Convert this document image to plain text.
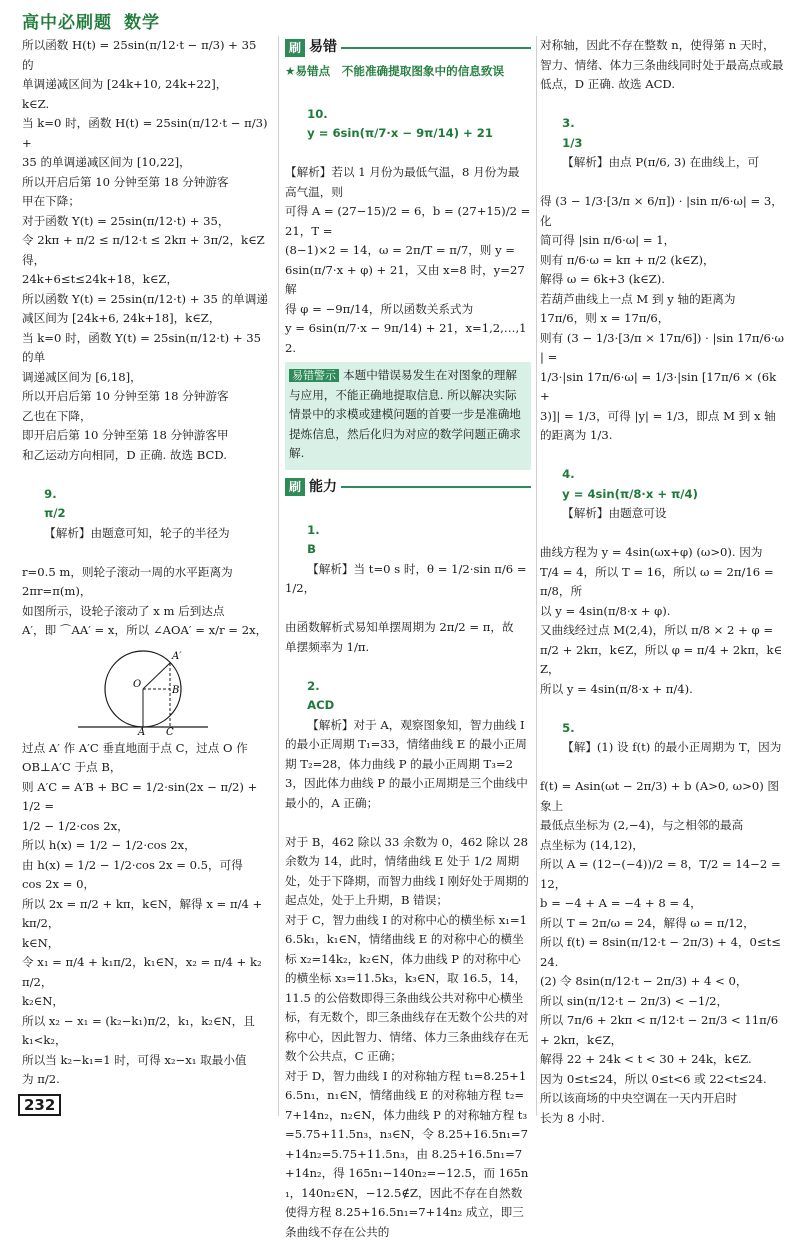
高中必刷题 数学
所以函数 H(t) = 25sin(π/12·t − π/3) + 35 的
单调递减区间为 [24k+10, 24k+22]，
k∈Z.
当 k=0 时，函数 H(t) = 25sin(π/12·t − π/3) +
35 的单调递减区间为 [10,22]，
所以开启后第 10 分钟至第 18 分钟游客
甲在下降；
对于函数 Y(t) = 25sin(π/12·t) + 35，
令 2kπ + π/2 ≤ π/12·t ≤ 2kπ + 3π/2，k∈Z 得，
24k+6≤t≤24k+18，k∈Z，
所以函数 Y(t) = 25sin(π/12·t) + 35 的单调递
减区间为 [24k+6, 24k+18]，k∈Z，
当 k=0 时，函数 Y(t) = 25sin(π/12·t) + 35 的单
调递减区间为 [6,18]，
所以开启后第 10 分钟至第 18 分钟游客
乙也在下降，
即开启后第 10 分钟至第 18 分钟游客甲
和乙运动方向相同，D 正确. 故选 BCD.

9.
π/2
【解析】由题意可知，轮子的半径为

r=0.5 m，则轮子滚动一周的水平距离为
2πr=π(m)，
如图所示，设轮子滚动了 x m 后到达点
A′，即 ⌒AA′ = x，所以 ∠AOA′ = x/r = 2x，
A′
O
B
A C
过点 A′ 作 A′C 垂直地面于点 C，过点 O 作
OB⊥A′C 于点 B，
则 A′C = A′B + BC = 1/2·sin(2x − π/2) + 1/2 =
1/2 − 1/2·cos 2x，
所以 h(x) = 1/2 − 1/2·cos 2x，
由 h(x) = 1/2 − 1/2·cos 2x = 0.5，可得
cos 2x = 0，
所以 2x = π/2 + kπ，k∈N，解得 x = π/4 + kπ/2，
k∈N，
令 x₁ = π/4 + k₁π/2，k₁∈N，x₂ = π/4 + k₂π/2，
k₂∈N，
所以 x₂ − x₁ = (k₂−k₁)π/2，k₁，k₂∈N，且
k₁<k₂，
所以当 k₂−k₁=1 时，可得 x₂−x₁ 取最小值
为 π/2.
刷 易错
★易错点　不能准确提取图象中的信息致误

10.
y = 6sin(π/7·x − 9π/14) + 21

【解析】若以 1 月份为最低气温，8 月份为最高气温，则
可得 A = (27−15)/2 = 6，b = (27+15)/2 = 21，T =
(8−1)×2 = 14，ω = 2π/T = π/7，则 y =
6sin(π/7·x + φ) + 21，又由 x=8 时，y=27 解
得 φ = −9π/14，所以函数关系式为
y = 6sin(π/7·x − 9π/14) + 21，x=1,2,…,12.
易错警示 本题中错误易发生在对图象的理解与应用，不能正确地提取信息. 所以解决实际情景中的求模或建模问题的首要一步是准确地提炼信息，然后化归为对应的数学问题正确求解.
刷 能力

1.
B
【解析】当 t=0 s 时，θ = 1/2·sin π/6 = 1/2，

由函数解析式易知单摆周期为 2π/2 = π，故
单摆频率为 1/π.

2.
ACD
【解析】对于 A，观察图象知，智力曲线 I 的最小正周期 T₁=33，情绪曲线 E 的最小正周期 T₂=28，体力曲线 P 的最小正周期 T₃=23，因此体力曲线 P 的最小正周期是三个曲线中最小的，A 正确；

对于 B，462 除以 33 余数为 0，462 除以 28 余数为 14，此时，情绪曲线 E 处于 1/2 周期处，处于下降期，而智力曲线 I 刚好处于周期的起点处，处于上升期，B 错误；
对于 C，智力曲线 I 的对称中心的横坐标 x₁=16.5k₁，k₁∈N，情绪曲线 E 的对称中心的横坐标 x₂=14k₂，k₂∈N，体力曲线 P 的对称中心的横坐标 x₃=11.5k₃，k₃∈N，取 16.5，14，11.5 的公倍数即得三条曲线公共对称中心横坐标，有无数个，即三条曲线存在无数个公共的对称中心，因此智力、情绪、体力三条曲线存在无数个公共点，C 正确；
对于 D，智力曲线 I 的对称轴方程 t₁=8.25+16.5n₁，n₁∈N，情绪曲线 E 的对称轴方程 t₂=7+14n₂，n₂∈N，体力曲线 P 的对称轴方程 t₃=5.75+11.5n₃，n₃∈N，令 8.25+16.5n₁=7+14n₂=5.75+11.5n₃，由 8.25+16.5n₁=7+14n₂，得 165n₁−140n₂=−12.5，而 165n₁，140n₂∈N，−12.5∉Z，因此不存在自然数使得方程 8.25+16.5n₁=7+14n₂ 成立，即三条曲线不存在公共的
对称轴，因此不存在整数 n，使得第 n 天时，智力、情绪、体力三条曲线同时处于最高点或最低点，D 正确. 故选 ACD.

3.
1/3
【解析】由点 P(π/6, 3) 在曲线上，可

得 (3 − 1/3·[3/π × 6/π]) · |sin π/6·ω| = 3，化
简可得 |sin π/6·ω| = 1，
则有 π/6·ω = kπ + π/2 (k∈Z)，
解得 ω = 6k+3 (k∈Z).
若葫芦曲线上一点 M 到 y 轴的距离为
17π/6，则 x = 17π/6，
则有 (3 − 1/3·[3/π × 17π/6]) · |sin 17π/6·ω| =
1/3·|sin 17π/6·ω| = 1/3·|sin [17π/6 × (6k+
3)]| = 1/3，可得 |y| = 1/3，即点 M 到 x 轴
的距离为 1/3.

4.
y = 4sin(π/8·x + π/4)
【解析】由题意可设

曲线方程为 y = 4sin(ωx+φ) (ω>0). 因为
T/4 = 4，所以 T = 16，所以 ω = 2π/16 = π/8，所
以 y = 4sin(π/8·x + φ).
又曲线经过点 M(2,4)，所以 π/8 × 2 + φ =
π/2 + 2kπ，k∈Z，所以 φ = π/4 + 2kπ，k∈Z，
所以 y = 4sin(π/8·x + π/4).

5.
【解】(1) 设 f(t) 的最小正周期为 T，因为

f(t) = Asin(ωt − 2π/3) + b (A>0, ω>0) 图象上
最低点坐标为 (2,−4)，与之相邻的最高
点坐标为 (14,12)，
所以 A = (12−(−4))/2 = 8，T/2 = 14−2 = 12，
b = −4 + A = −4 + 8 = 4，
所以 T = 2π/ω = 24，解得 ω = π/12，
所以 f(t) = 8sin(π/12·t − 2π/3) + 4，0≤t≤24.
(2) 令 8sin(π/12·t − 2π/3) + 4 < 0，
所以 sin(π/12·t − 2π/3) < −1/2，
所以 7π/6 + 2kπ < π/12·t − 2π/3 < 11π/6 + 2kπ，k∈Z，
解得 22 + 24k < t < 30 + 24k，k∈Z.
因为 0≤t≤24，所以 0≤t<6 或 22<t≤24.
所以该商场的中央空调在一天内开启时
长为 8 小时.
232
